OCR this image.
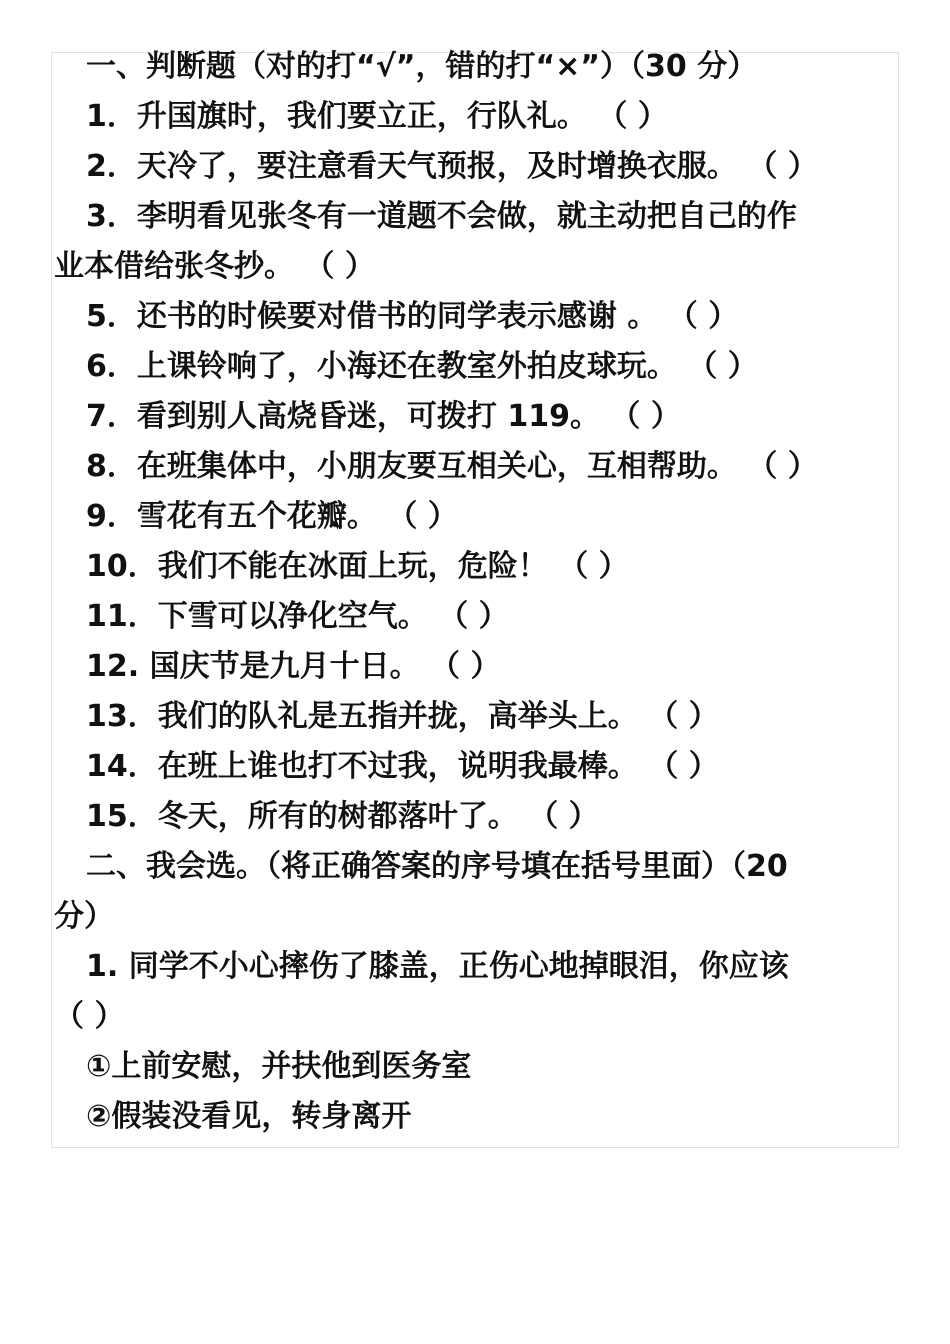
一、判断题（对的打“√”，错的打“×”）（30 分）
1．升国旗时，我们要立正，行队礼。 （ ）
2．天冷了，要注意看天气预报，及时增换衣服。 （ ）
3．李明看见张冬有一道题不会做，就主动把自己的作
业本借给张冬抄。 （ ）
5．还书的时候要对借书的同学表示感谢 。 （ ）
6．上课铃响了，小海还在教室外拍皮球玩。 （ ）
7．看到别人高烧昏迷，可拨打 119。 （ ）
8．在班集体中，小朋友要互相关心，互相帮助。 （ ）
9．雪花有五个花瓣。 （ ）
10．我们不能在冰面上玩，危险！ （ ）
11．下雪可以净化空气。 （ ）
12. 国庆节是九月十日。 （ ）
13．我们的队礼是五指并拢，高举头上。 （ ）
14．在班上谁也打不过我，说明我最棒。 （ ）
15．冬天，所有的树都落叶了。 （ ）
二、我会选。（将正确答案的序号填在括号里面）（20
分）
1. 同学不小心摔伤了膝盖，正伤心地掉眼泪，你应该
（ ）
①上前安慰，并扶他到医务室
②假装没看见，转身离开
